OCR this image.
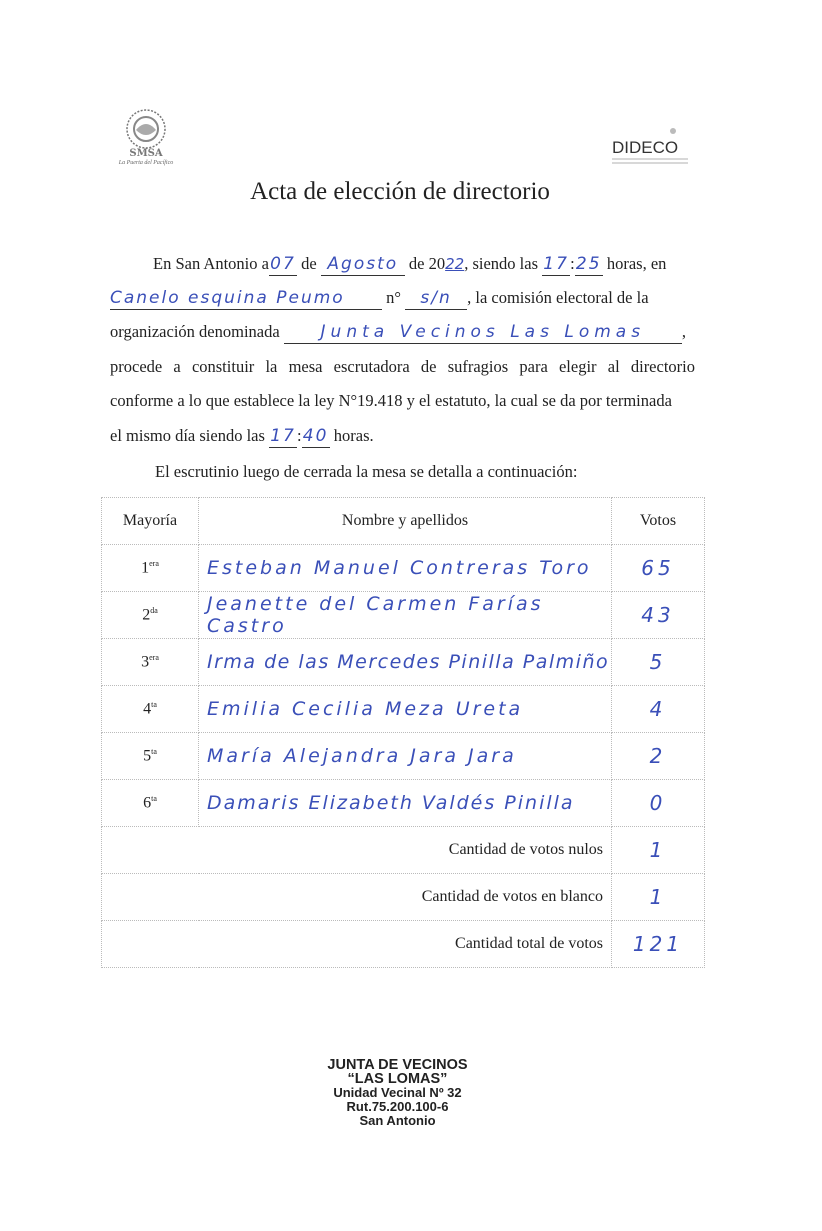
SMSA
La Puerta del Pacífico
DIDECO
Acta de elección de directorio
En San Antonio a07 de Agosto de 2022, siendo las 17:25 horas, en
Canelo esquina Peumo	n° s/n , la comisión electoral de la
organización denominada Junta Vecinos Las Lomas ,
procede a constituir la mesa escrutadora de sufragios para elegir al directorio
conforme a lo que establece la ley N°19.418 y el estatuto, la cual se da por terminada
el mismo día siendo las 17:40 horas.
El escrutinio luego de cerrada la mesa se detalla a continuación:
Mayoría	Nombre y apellidos	Votos
$1^{era}$	Esteban Manuel Contreras Toro	65
$2^{da}$	Jeanette del Carmen Farías Castro	43
$3^{era}$	Irma de las Mercedes Pinilla Palmiño	5
$4^{ta}$	Emilia Cecilia Meza Ureta	4
$5^{ta}$	María Alejandra Jara Jara	2
$6^{ta}$	Damaris Elizabeth Valdés Pinilla	0
Cantidad de votos nulos		1
Cantidad de votos en blanco		1
Cantidad total de votos		121
JUNTA DE VECINOS
“LAS LOMAS”
Unidad Vecinal Nº 32
Rut.75.200.100-6
San Antonio
